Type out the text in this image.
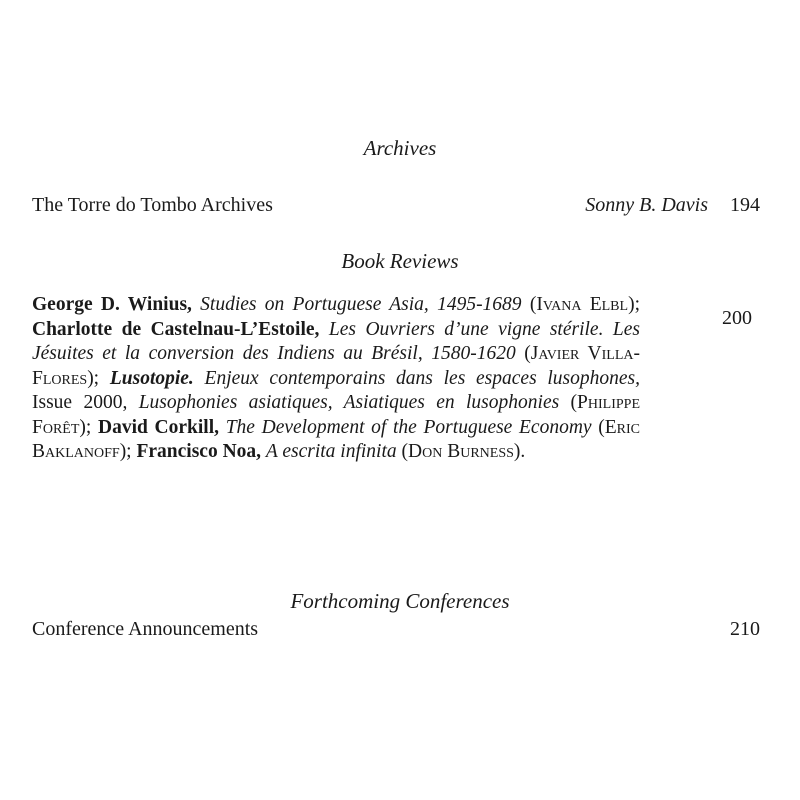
Archives
The Torre do Tombo Archives	Sonny B. Davis 194
Book Reviews
George D. Winius, Studies on Portuguese Asia, 1495-1689 (Ivana Elbl); Charlotte de Castelnau-L’Estoile, Les Ouvriers d’une vigne stérile. Les Jésuites et la conversion des Indiens au Brésil, 1580-1620 (Javier Villa-Flores); Lusotopie. Enjeux contemporains dans les espaces lusophones, Issue 2000, Lusophonies asiatiques, Asiatiques en lusophonies (Philippe Forêt); David Corkill, The Development of the Portuguese Economy (Eric Baklanoff); Francisco Noa, A escrita infinita (Don Burness).
200
Forthcoming Conferences
Conference Announcements	210
